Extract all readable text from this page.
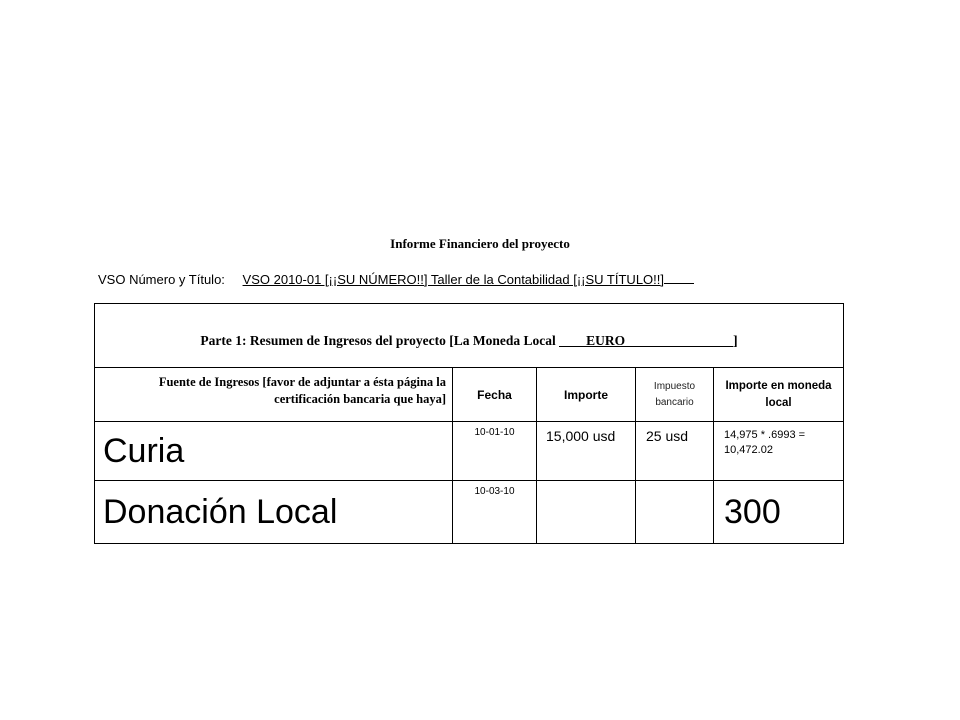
Informe Financiero del proyecto
VSO Número y Título: VSO 2010-01 [¡¡SU NÚMERO!!] Taller de la Contabilidad [¡¡SU TÍTULO!!]
Parte 1: Resumen de Ingresos del proyecto [La Moneda Local ____EURO________________]				
Fuente de Ingresos [favor de adjuntar a ésta página la certificación bancaria que haya]	Fecha	Importe	Impuesto bancario	Importe en moneda local
Curia	10-01-10	15,000 usd	25 usd	14,975 * .6993 = 10,472.02
Donación Local	10-03-10			300
